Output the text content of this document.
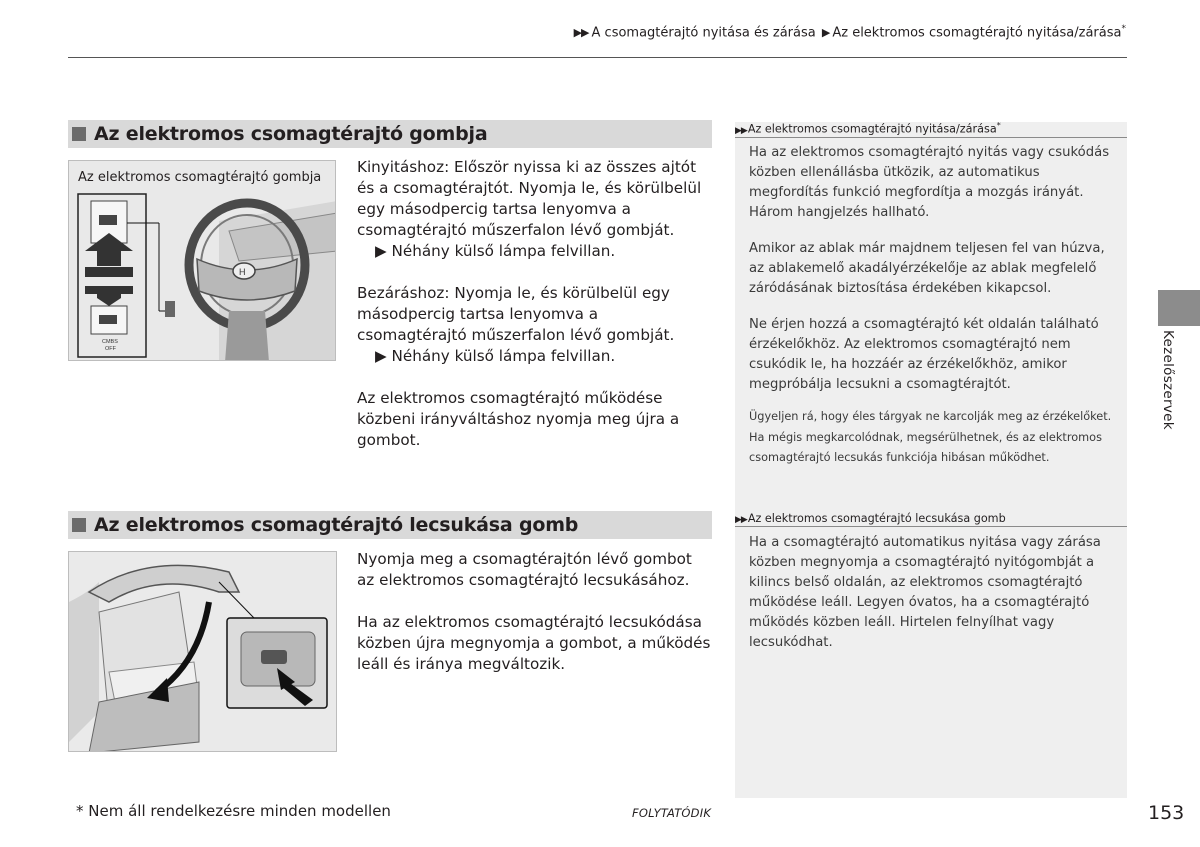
▶▶ A csomagtérajtó nyitása és zárása ▶ Az elektromos csomagtérajtó nyitása/zárása*
Az elektromos csomagtérajtó gombja
Az elektromos csomagtérajtó gombja
H
CMBS
OFF

Kinyitáshoz: Először nyissa ki az összes ajtót és a csomagtérajtót. Nyomja le, és körülbelül egy másodpercig tartsa lenyomva a csomagtérajtó műszerfalon lévő gombját.

▶ Néhány külső lámpa felvillan.

Bezáráshoz: Nyomja le, és körülbelül egy másodpercig tartsa lenyomva a csomagtérajtó műszerfalon lévő gombját.

▶ Néhány külső lámpa felvillan.

Az elektromos csomagtérajtó működése közbeni irányváltáshoz nyomja meg újra a gombot.

Az elektromos csomagtérajtó lecsukása gomb

Nyomja meg a csomagtérajtón lévő gombot az elektromos csomagtérajtó lecsukásához.

Ha az elektromos csomagtérajtó lecsukódása közben újra megnyomja a gombot, a működés leáll és iránya megváltozik.

▶▶Az elektromos csomagtérajtó nyitása/zárása*

Ha az elektromos csomagtérajtó nyitás vagy csukódás közben ellenállásba ütközik, az automatikus megfordítás funkció megfordítja a mozgás irányát. Három hangjelzés hallható.

Amikor az ablak már majdnem teljesen fel van húzva, az ablakemelő akadályérzékelője az ablak megfelelő záródásának biztosítása érdekében kikapcsol.

Ne érjen hozzá a csomagtérajtó két oldalán található érzékelőkhöz. Az elektromos csomagtérajtó nem csukódik le, ha hozzáér az érzékelőkhöz, amikor megpróbálja lecsukni a csomagtérajtót.

Ügyeljen rá, hogy éles tárgyak ne karcolják meg az érzékelőket. Ha mégis megkarcolódnak, megsérülhetnek, és az elektromos csomagtérajtó lecsukás funkciója hibásan működhet.

▶▶Az elektromos csomagtérajtó lecsukása gomb

Ha a csomagtérajtó automatikus nyitása vagy zárása közben megnyomja a csomagtérajtó nyitógombját a kilincs belső oldalán, az elektromos csomagtérajtó működése leáll. Legyen óvatos, ha a csomagtérajtó működés közben leáll. Hirtelen felnyílhat vagy lecsukódhat.

Kezelőszervek
* Nem áll rendelkezésre minden modellen	FOLYTATÓDIK	153
